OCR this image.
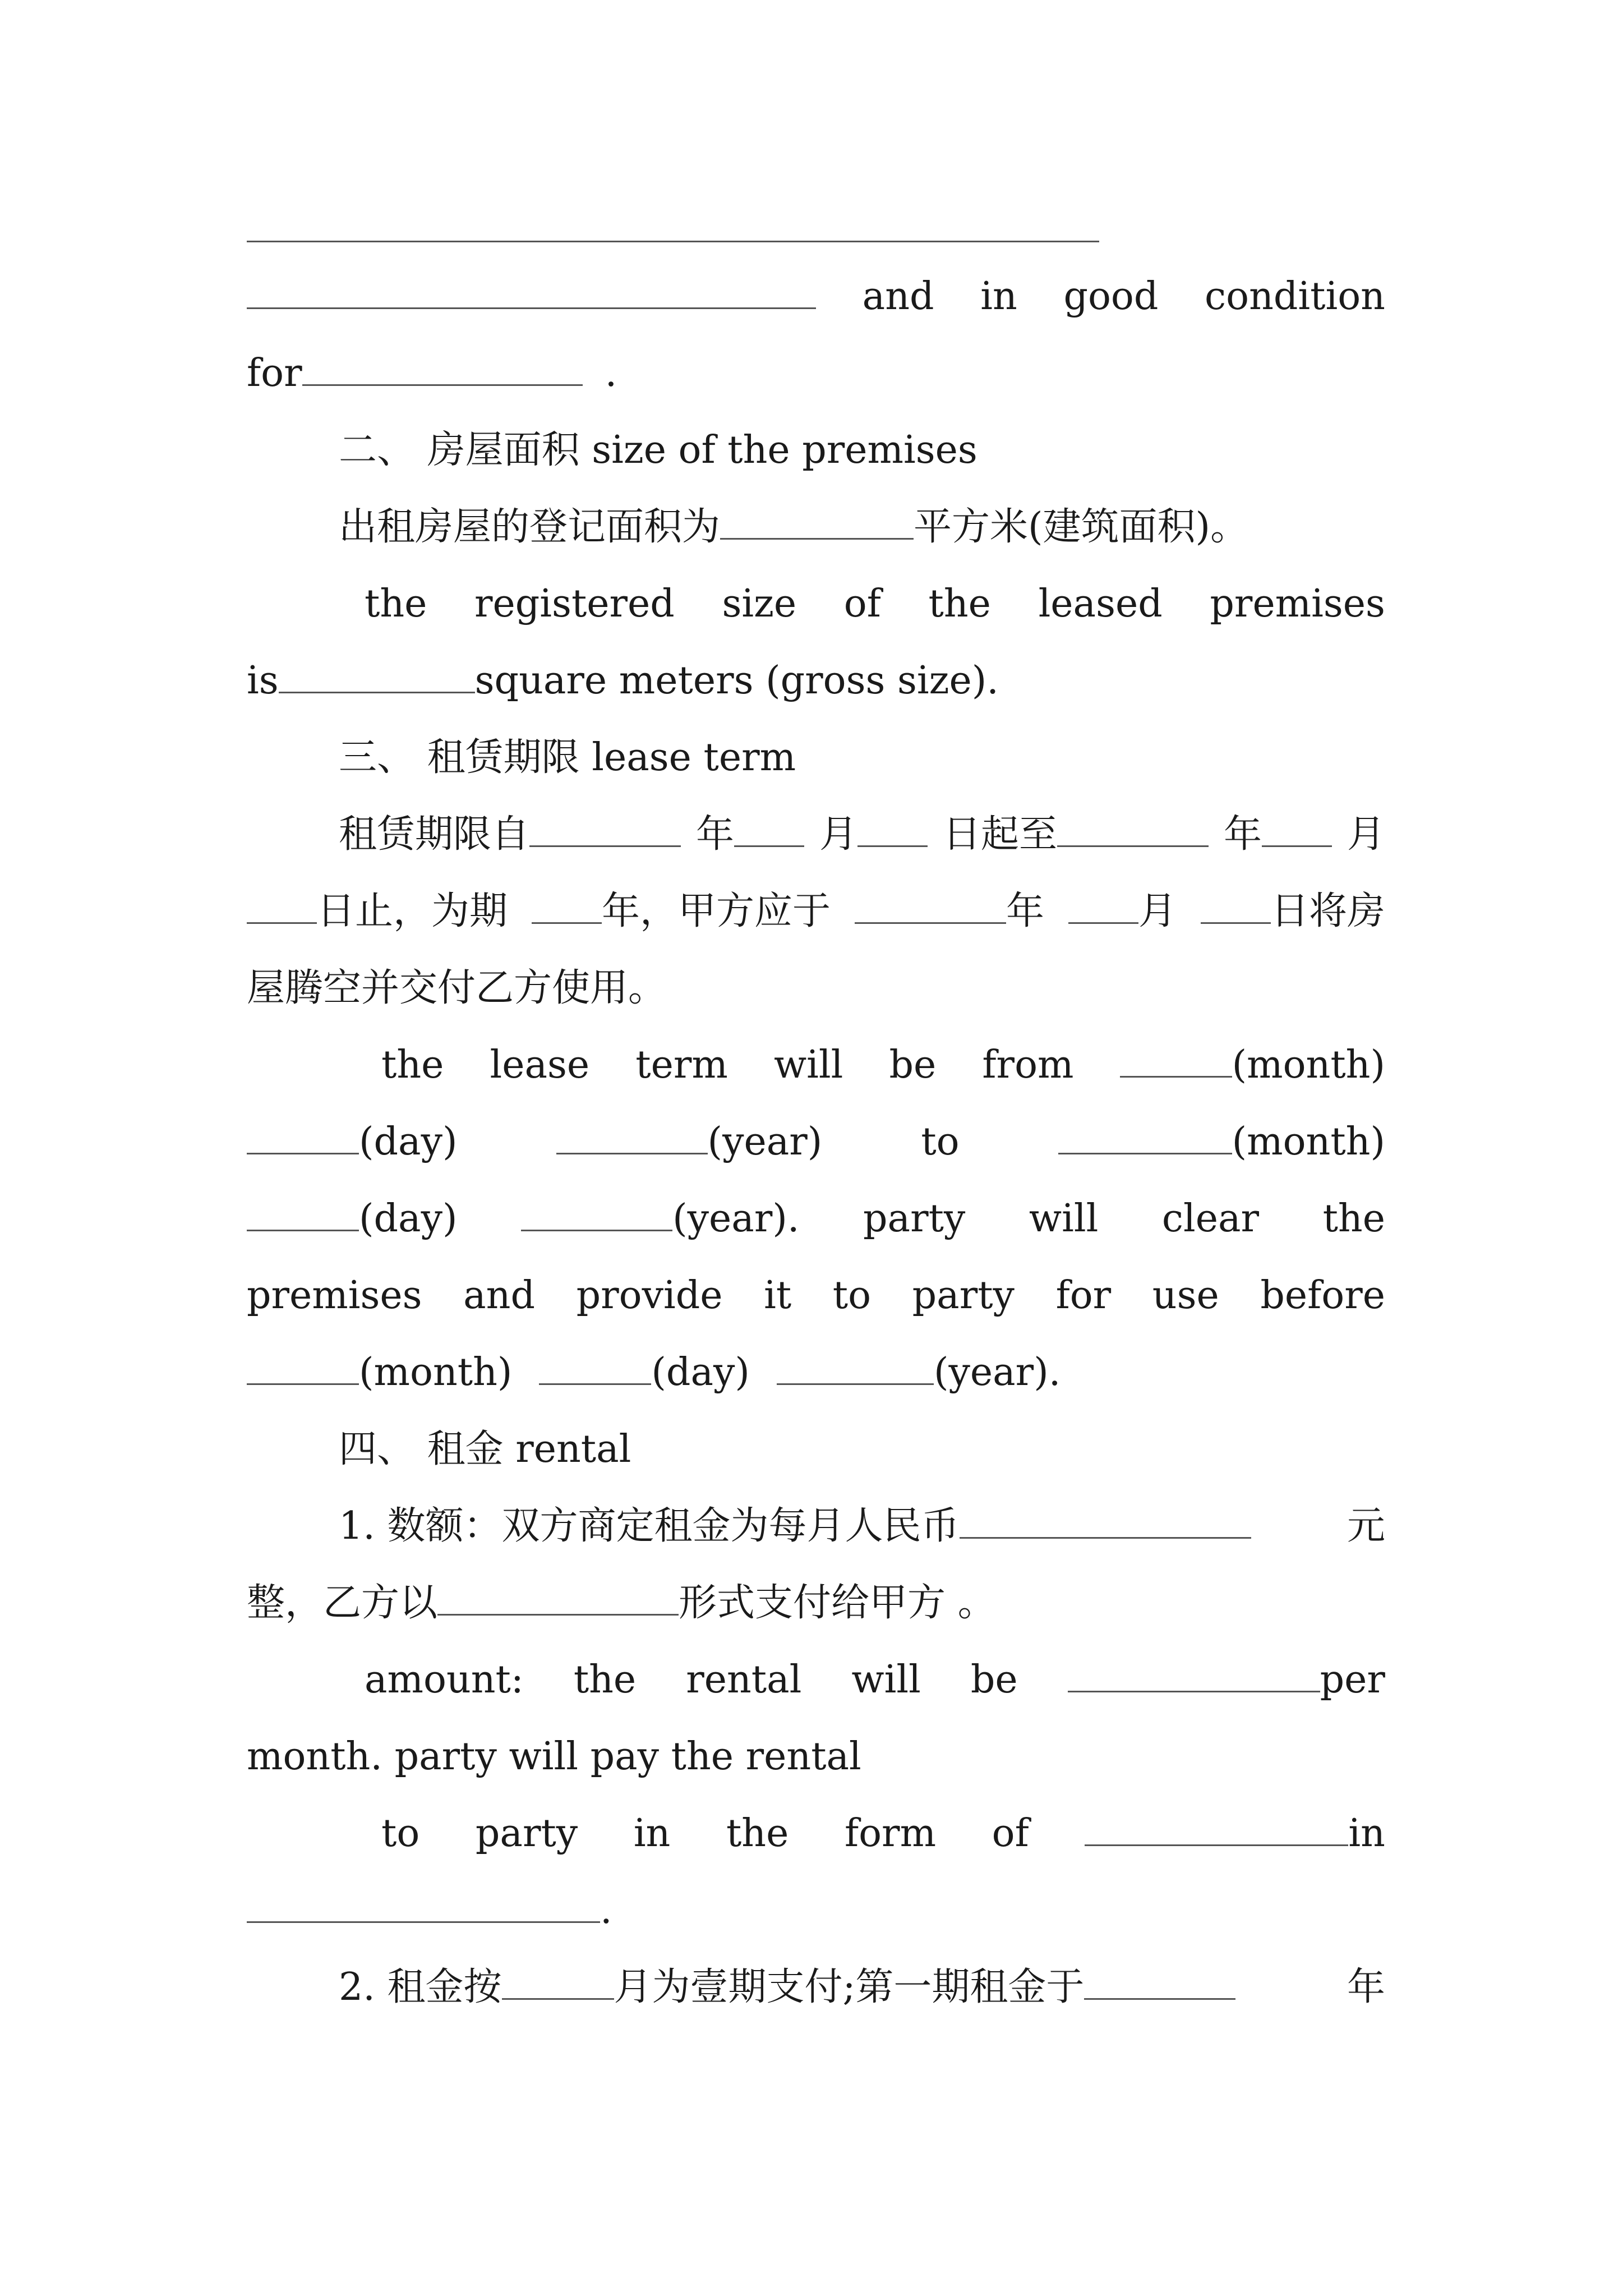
and in good condition
for	.
二、 房屋面积 size of the premises
出租房屋的登记面积为	平方米(建筑面积)。
the registered size of the leased premises
is	square meters (gross size).
三、 租赁期限 lease term
租赁期限自	年	月	日起至	年	月
日止，为期	年，甲方应于	年	月	日将房
屋腾空并交付乙方使用。
the lease term will be from	(month)
(day)	(year)	to	(month)
(day)	(year). party will clear the
premises and provide it to party for use before
(month)	(day)	(year).
四、 租金 rental
1. 数额：双方商定租金为每月人民币	元
整，乙方以	形式支付给甲方 。
amount: the rental will be	per
month. party will pay the rental
to party in the form of	in
.
2. 租金按	月为壹期支付;第一期租金于	年
